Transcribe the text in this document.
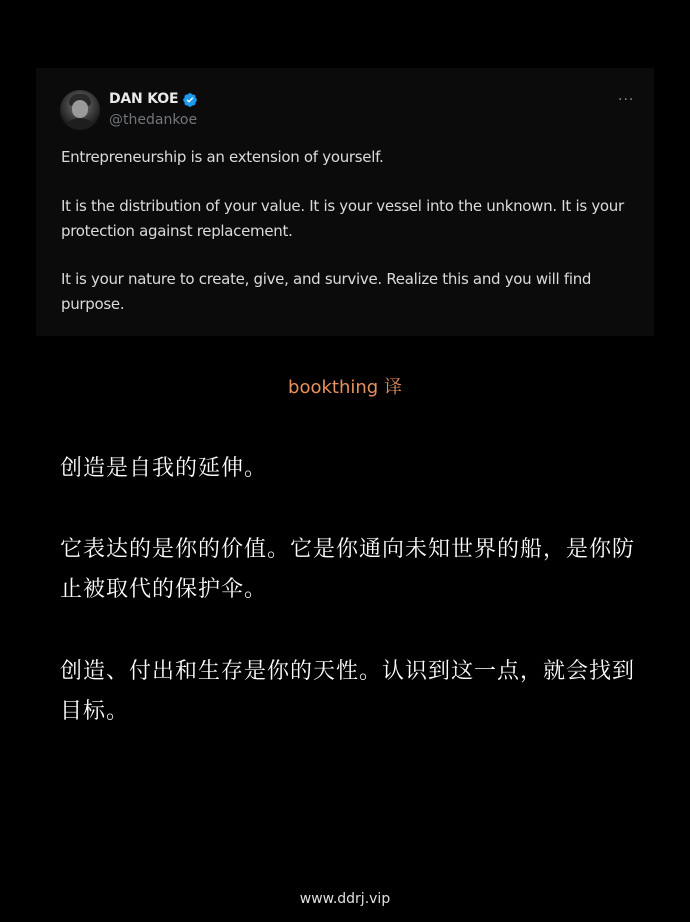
DAN KOE
@thedankoe
···

Entrepreneurship is an extension of yourself.

It is the distribution of your value. It is your vessel into the unknown. It is your protection against replacement.

It is your nature to create, give, and survive. Realize this and you will find purpose.

bookthing 译

创造是自我的延伸。

它表达的是你的价值。它是你通向未知世界的船，是你防止被取代的保护伞。

创造、付出和生存是你的天性。认识到这一点，就会找到目标。

www.ddrj.vip
